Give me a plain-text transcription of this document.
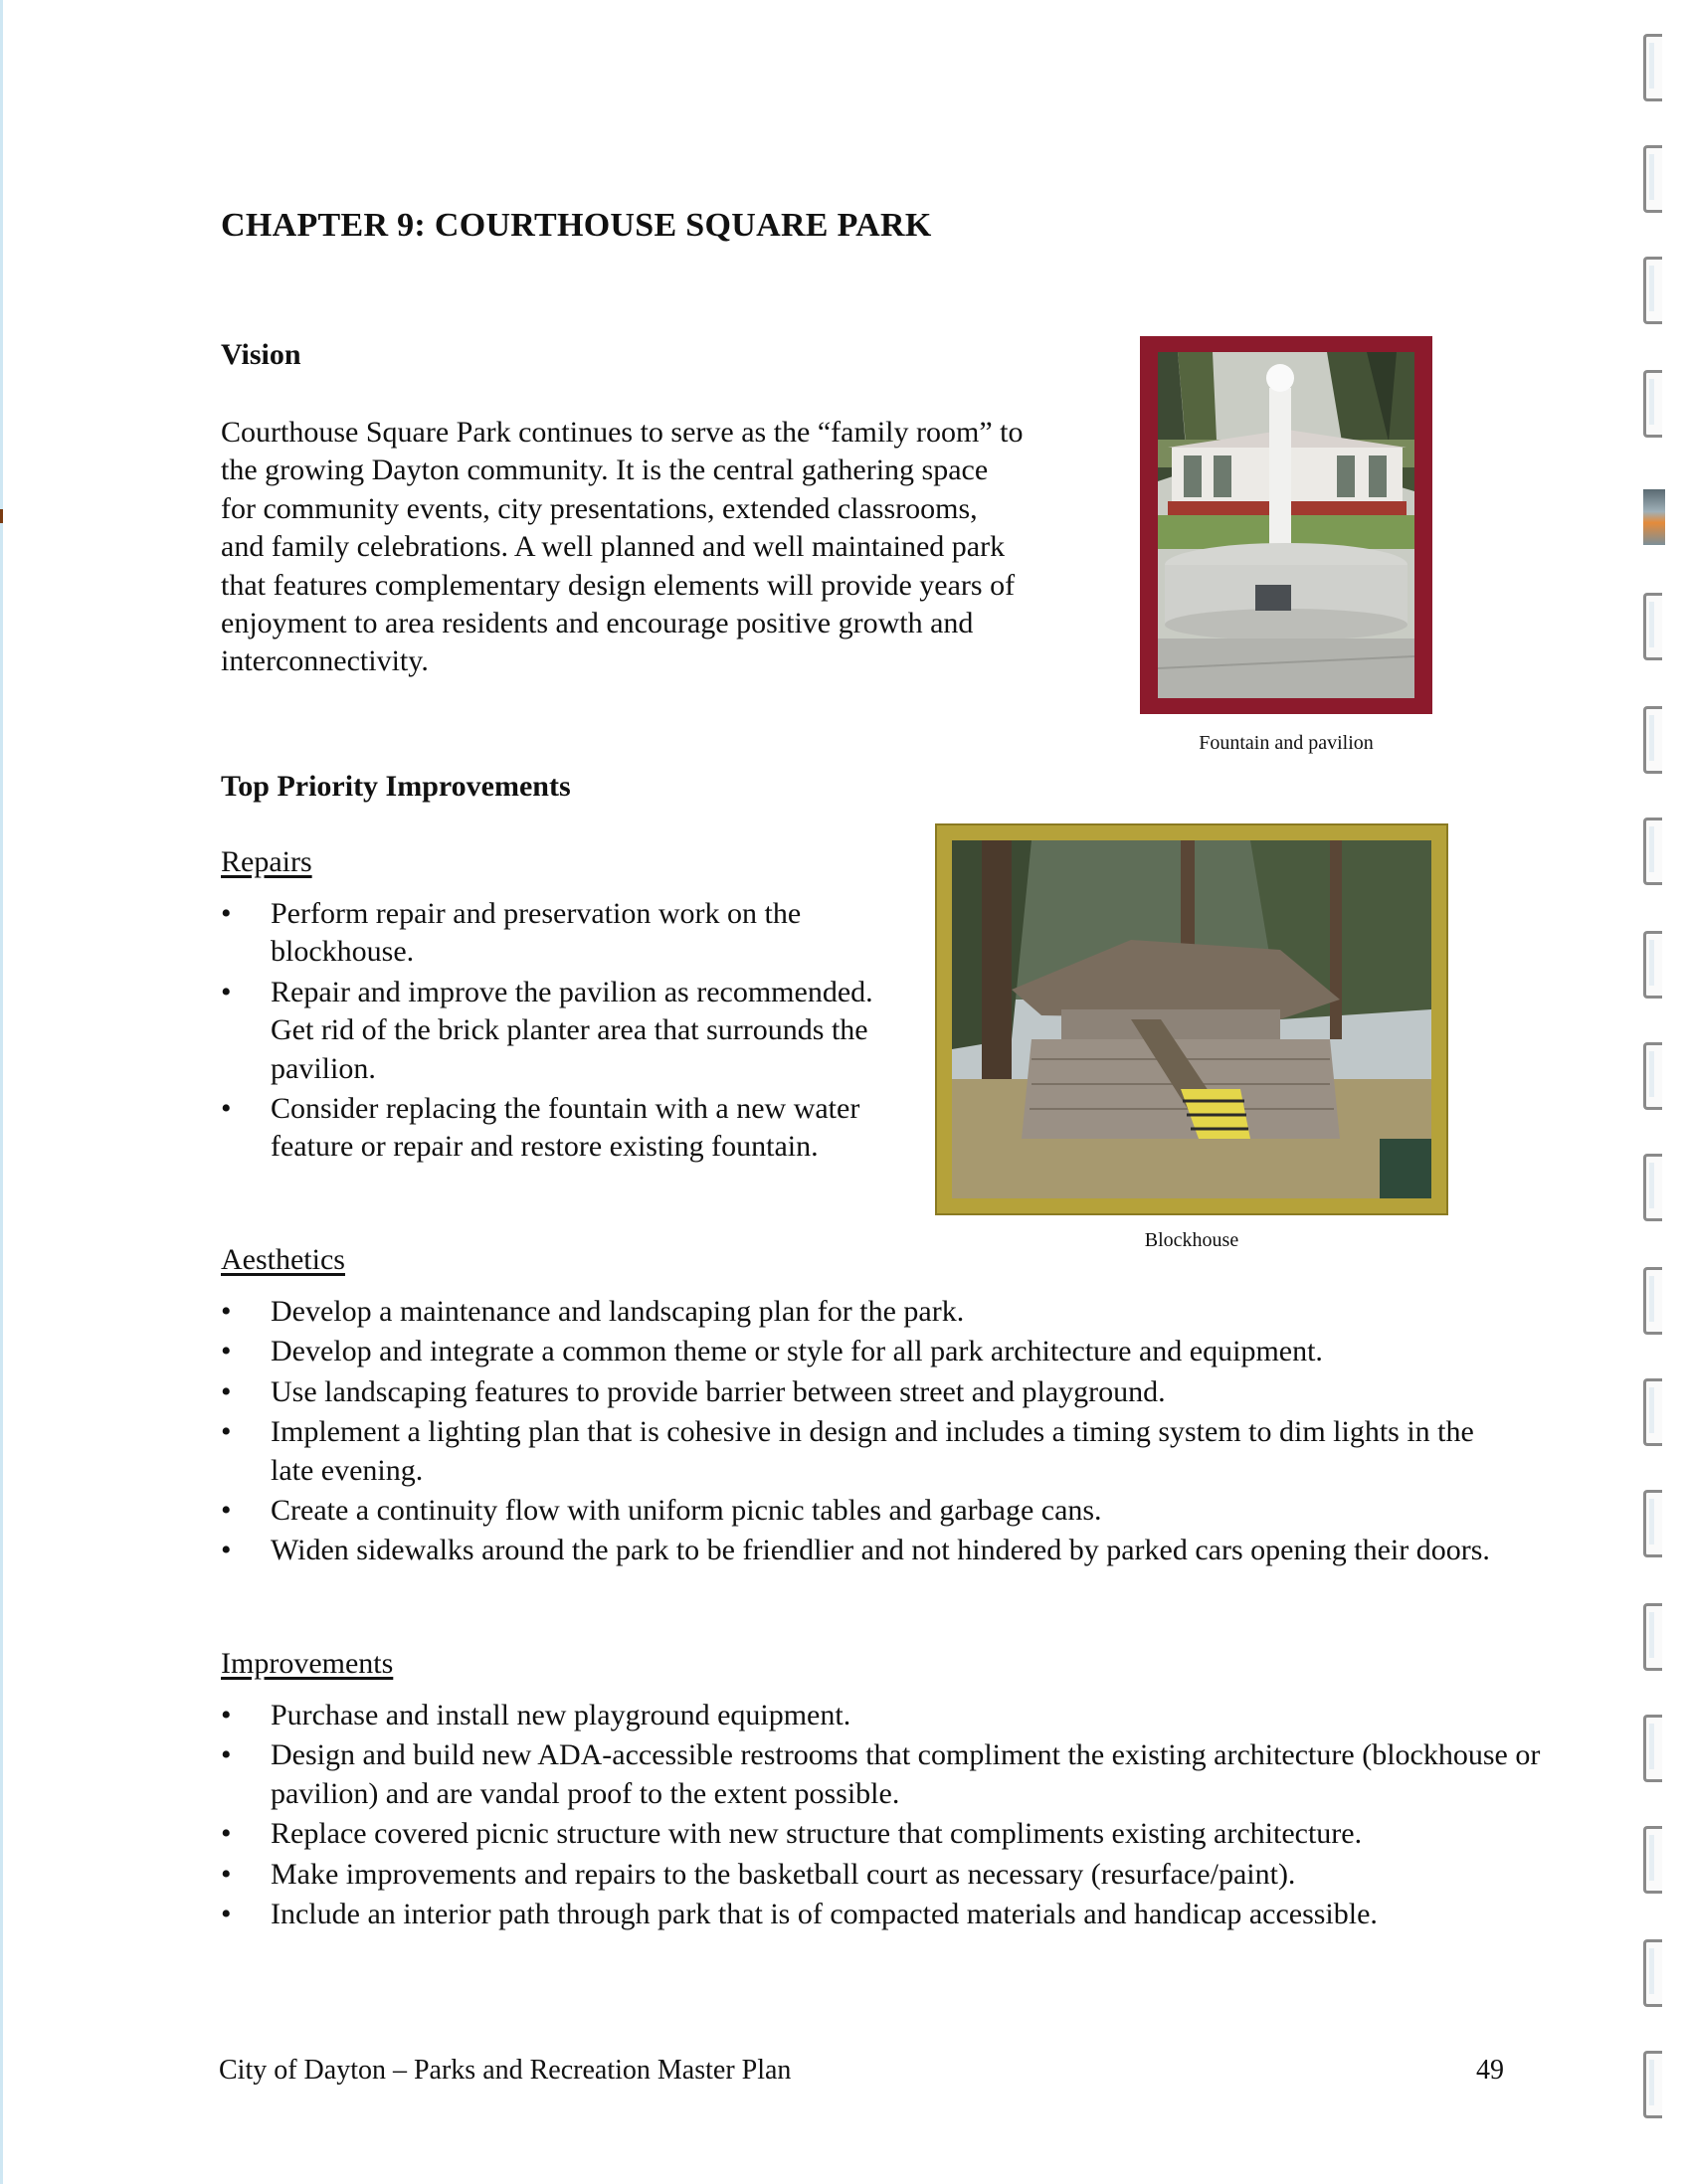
CHAPTER 9: COURTHOUSE SQUARE PARK
Vision
Courthouse Square Park continues to serve as the “family room” to
the growing Dayton community. It is the central gathering space
for community events, city presentations, extended classrooms,
and family celebrations. A well planned and well maintained park
that features complementary design elements will provide years of
enjoyment to area residents and encourage positive growth and
interconnectivity.
Fountain and pavilion
Top Priority Improvements
Repairs
• Perform repair and preservation work on the blockhouse.
• Repair and improve the pavilion as recommended. Get rid of the brick planter area that surrounds the pavilion.
• Consider replacing the fountain with a new water feature or repair and restore existing fountain.
Blockhouse
Aesthetics
• Develop a maintenance and landscaping plan for the park.
• Develop and integrate a common theme or style for all park architecture and equipment.
• Use landscaping features to provide barrier between street and playground.
• Implement a lighting plan that is cohesive in design and includes a timing system to dim lights in the late evening.
• Create a continuity flow with uniform picnic tables and garbage cans.
• Widen sidewalks around the park to be friendlier and not hindered by parked cars opening their doors.
Improvements
• Purchase and install new playground equipment.
• Design and build new ADA-accessible restrooms that compliment the existing architecture (blockhouse or pavilion) and are vandal proof to the extent possible.
• Replace covered picnic structure with new structure that compliments existing architecture.
• Make improvements and repairs to the basketball court as necessary (resurface/paint).
• Include an interior path through park that is of compacted materials and handicap accessible.
City of Dayton – Parks and Recreation Master Plan	49
